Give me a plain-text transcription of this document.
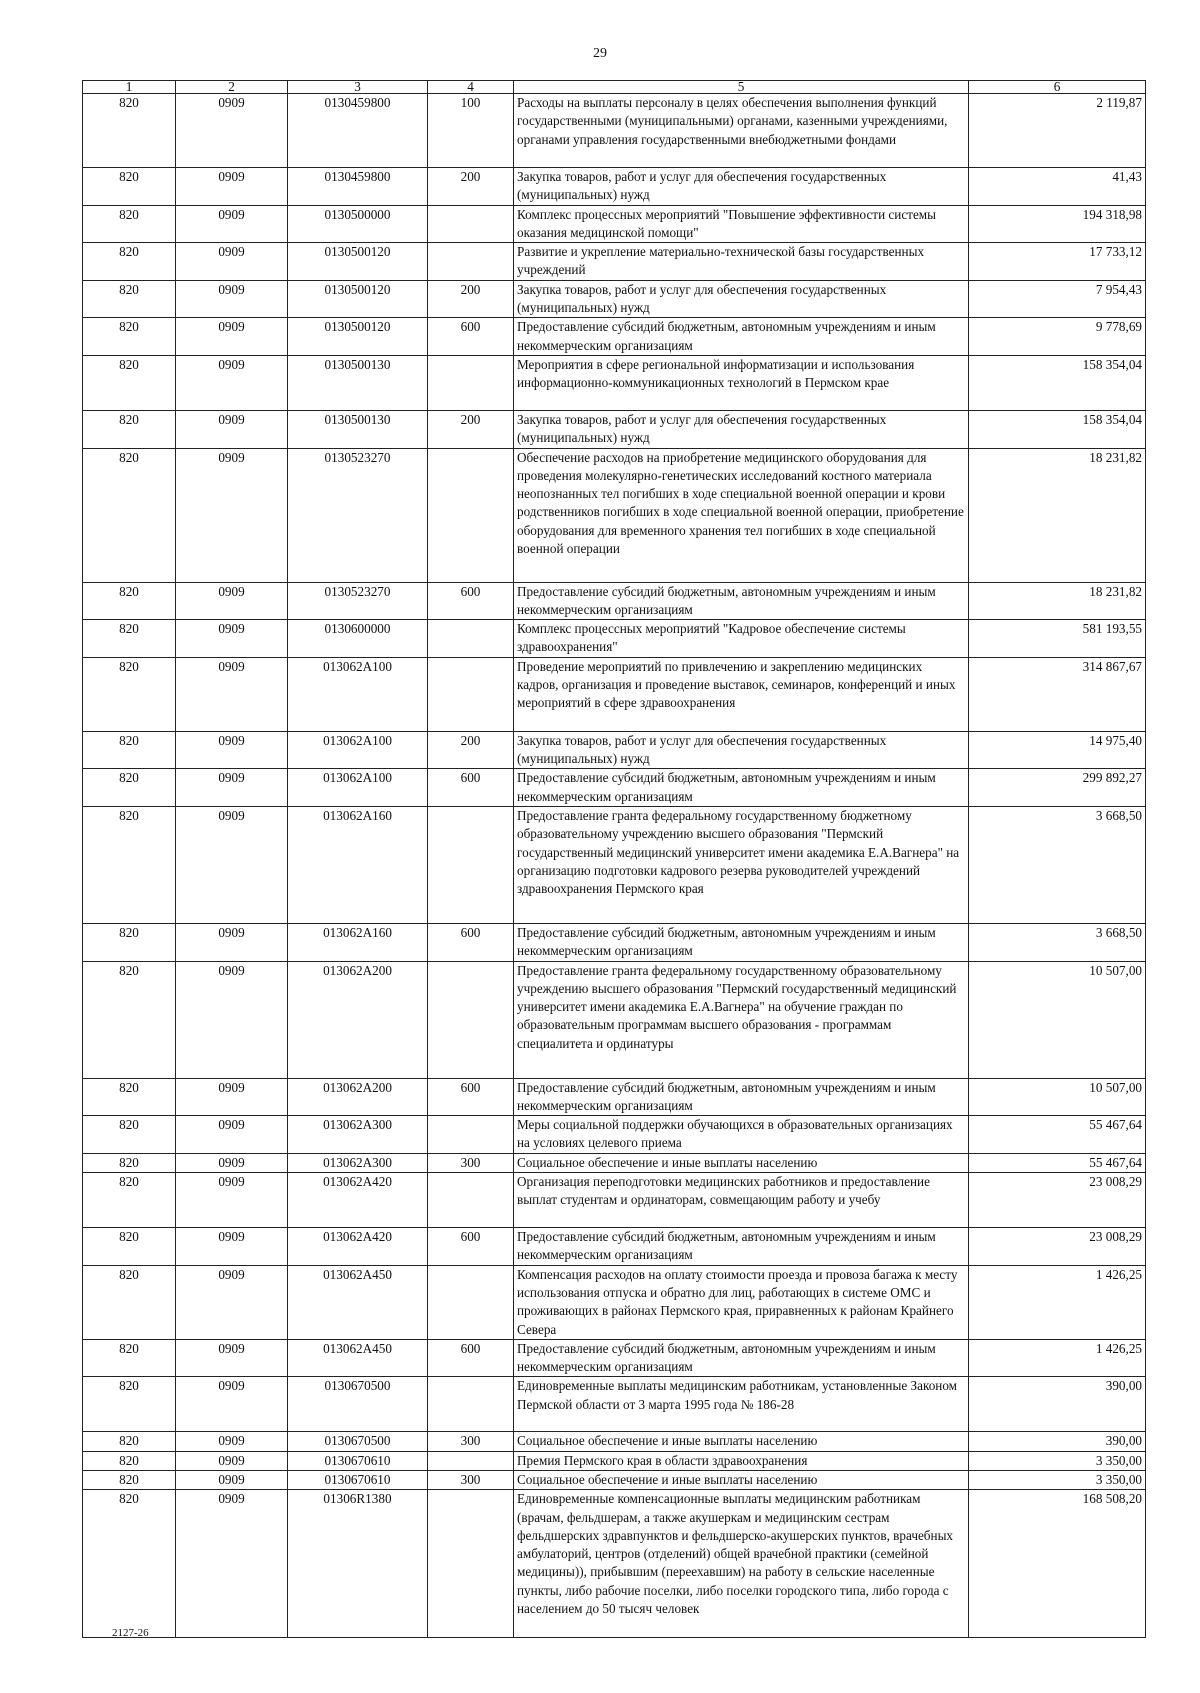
29
1	2	3	4	5	6
820	0909	0130459800	100	Расходы на выплаты персоналу в целях обеспечения выполнения функций государственными (муниципальными) органами, казенными учреждениями, органами управления государственными внебюджетными фондами	2 119,87
820	0909	0130459800	200	Закупка товаров, работ и услуг для обеспечения государственных (муниципальных) нужд	41,43
820	0909	0130500000		Комплекс процессных мероприятий "Повышение эффективности системы оказания медицинской помощи"	194 318,98
820	0909	0130500120		Развитие и укрепление материально-технической базы государственных учреждений	17 733,12
820	0909	0130500120	200	Закупка товаров, работ и услуг для обеспечения государственных (муниципальных) нужд	7 954,43
820	0909	0130500120	600	Предоставление субсидий бюджетным, автономным учреждениям и иным некоммерческим организациям	9 778,69
820	0909	0130500130		Мероприятия в сфере региональной информатизации и использования информационно-коммуникационных технологий в Пермском крае	158 354,04
820	0909	0130500130	200	Закупка товаров, работ и услуг для обеспечения государственных (муниципальных) нужд	158 354,04
820	0909	0130523270		Обеспечение расходов на приобретение медицинского оборудования для проведения молекулярно-генетических исследований костного материала неопознанных тел погибших в ходе специальной военной операции и крови родственников погибших в ходе специальной военной операции, приобретение оборудования для временного хранения тел погибших в ходе специальной военной операции	18 231,82
820	0909	0130523270	600	Предоставление субсидий бюджетным, автономным учреждениям и иным некоммерческим организациям	18 231,82
820	0909	0130600000		Комплекс процессных мероприятий "Кадровое обеспечение системы здравоохранения"	581 193,55
820	0909	013062А100		Проведение мероприятий по привлечению и закреплению медицинских кадров, организация и проведение выставок, семинаров, конференций и иных мероприятий в сфере здравоохранения	314 867,67
820	0909	013062А100	200	Закупка товаров, работ и услуг для обеспечения государственных (муниципальных) нужд	14 975,40
820	0909	013062А100	600	Предоставление субсидий бюджетным, автономным учреждениям и иным некоммерческим организациям	299 892,27
820	0909	013062А160		Предоставление гранта федеральному государственному бюджетному образовательному учреждению высшего образования "Пермский государственный медицинский университет имени академика Е.А.Вагнера" на организацию подготовки кадрового резерва руководителей учреждений здравоохранения Пермского края	3 668,50
820	0909	013062А160	600	Предоставление субсидий бюджетным, автономным учреждениям и иным некоммерческим организациям	3 668,50
820	0909	013062А200		Предоставление гранта федеральному государственному образовательному учреждению высшего образования "Пермский государственный медицинский университет имени академика Е.А.Вагнера" на обучение граждан по образовательным программам высшего образования - программам специалитета и ординатуры	10 507,00
820	0909	013062А200	600	Предоставление субсидий бюджетным, автономным учреждениям и иным некоммерческим организациям	10 507,00
820	0909	013062А300		Меры социальной поддержки обучающихся в образовательных организациях на условиях целевого приема	55 467,64
820	0909	013062А300	300	Социальное обеспечение и иные выплаты населению	55 467,64
820	0909	013062А420		Организация переподготовки медицинских работников и предоставление выплат студентам и ординаторам, совмещающим работу и учебу	23 008,29
820	0909	013062А420	600	Предоставление субсидий бюджетным, автономным учреждениям и иным некоммерческим организациям	23 008,29
820	0909	013062А450		Компенсация расходов на оплату стоимости проезда и провоза багажа к месту использования отпуска и обратно для лиц, работающих в системе ОМС и проживающих в районах Пермского края, приравненных к районам Крайнего Севера	1 426,25
820	0909	013062А450	600	Предоставление субсидий бюджетным, автономным учреждениям и иным некоммерческим организациям	1 426,25
820	0909	0130670500		Единовременные выплаты медицинским работникам, установленные Законом Пермской области от 3 марта 1995 года № 186-28	390,00
820	0909	0130670500	300	Социальное обеспечение и иные выплаты населению	390,00
820	0909	0130670610		Премия Пермского края в области здравоохранения	3 350,00
820	0909	0130670610	300	Социальное обеспечение и иные выплаты населению	3 350,00
820	0909	01306R1380		Единовременные компенсационные выплаты медицинским работникам (врачам, фельдшерам, а также акушеркам и медицинским сестрам фельдшерских здравпунктов и фельдшерско-акушерских пунктов, врачебных амбулаторий, центров (отделений) общей врачебной практики (семейной медицины)), прибывшим (переехавшим) на работу в сельские населенные пункты, либо рабочие поселки, либо поселки городского типа, либо города с населением до 50 тысяч человек	168 508,20
2127-26
